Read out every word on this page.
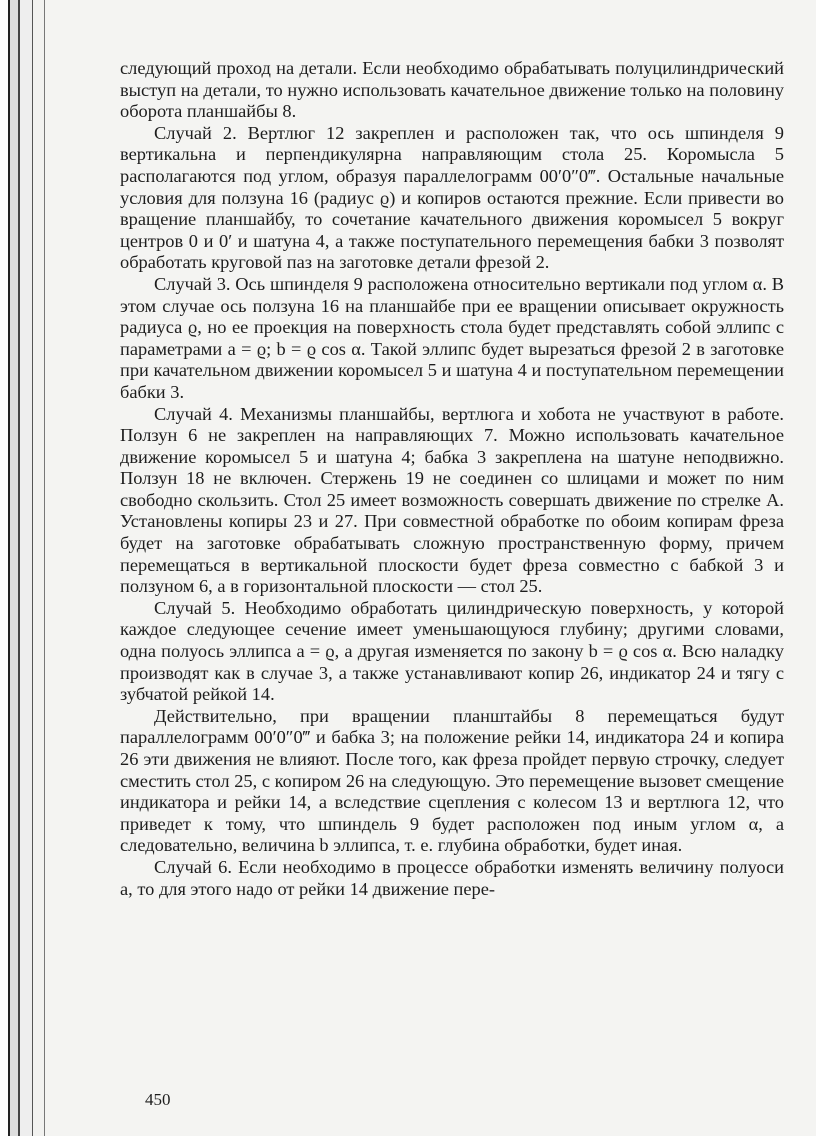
следующий проход на детали. Если необходимо обрабатывать полуцилиндрический выступ на детали, то нужно использовать качательное движение только на половину оборота планшайбы 8.

Случай 2. Вертлюг 12 закреплен и расположен так, что ось шпинделя 9 вертикальна и перпендикулярна направляющим стола 25. Коромысла 5 располагаются под углом, образуя параллелограмм 00′0″0‴. Остальные начальные условия для ползуна 16 (радиус ϱ) и копиров остаются прежние. Если привести во вращение планшайбу, то сочетание качательного движения коромысел 5 вокруг центров 0 и 0′ и шатуна 4, а также поступательного перемещения бабки 3 позволят обработать круговой паз на заготовке детали фрезой 2.

Случай 3. Ось шпинделя 9 расположена относительно вертикали под углом α. В этом случае ось ползуна 16 на планшайбе при ее вращении описывает окружность радиуса ϱ, но ее проекция на поверхность стола будет представлять собой эллипс с параметрами a = ϱ; b = ϱ cos α. Такой эллипс будет вырезаться фрезой 2 в заготовке при качательном движении коромысел 5 и шатуна 4 и поступательном перемещении бабки 3.

Случай 4. Механизмы планшайбы, вертлюга и хобота не участвуют в работе. Ползун 6 не закреплен на направляющих 7. Можно использовать качательное движение коромысел 5 и шатуна 4; бабка 3 закреплена на шатуне неподвижно. Ползун 18 не включен. Стержень 19 не соединен со шлицами и может по ним свободно скользить. Стол 25 имеет возможность совершать движение по стрелке A. Установлены копиры 23 и 27. При совместной обработке по обоим копирам фреза будет на заготовке обрабатывать сложную пространственную форму, причем перемещаться в вертикальной плоскости будет фреза совместно с бабкой 3 и ползуном 6, а в горизонтальной плоскости — стол 25.

Случай 5. Необходимо обработать цилиндрическую поверхность, у которой каждое следующее сечение имеет уменьшающуюся глубину; другими словами, одна полуось эллипса a = ϱ, а другая изменяется по закону b = ϱ cos α. Всю наладку производят как в случае 3, а также устанавливают копир 26, индикатор 24 и тягу с зубчатой рейкой 14.

Действительно, при вращении планштайбы 8 перемещаться будут параллелограмм 00′0″0‴ и бабка 3; на положение рейки 14, индикатора 24 и копира 26 эти движения не влияют. После того, как фреза пройдет первую строчку, следует сместить стол 25, с копиром 26 на следующую. Это перемещение вызовет смещение индикатора и рейки 14, а вследствие сцепления с колесом 13 и вертлюга 12, что приведет к тому, что шпиндель 9 будет расположен под иным углом α, а следовательно, величина b эллипса, т. е. глубина обработки, будет иная.

Случай 6. Если необходимо в процессе обработки изменять величину полуоси a, то для этого надо от рейки 14 движение пере-

450
